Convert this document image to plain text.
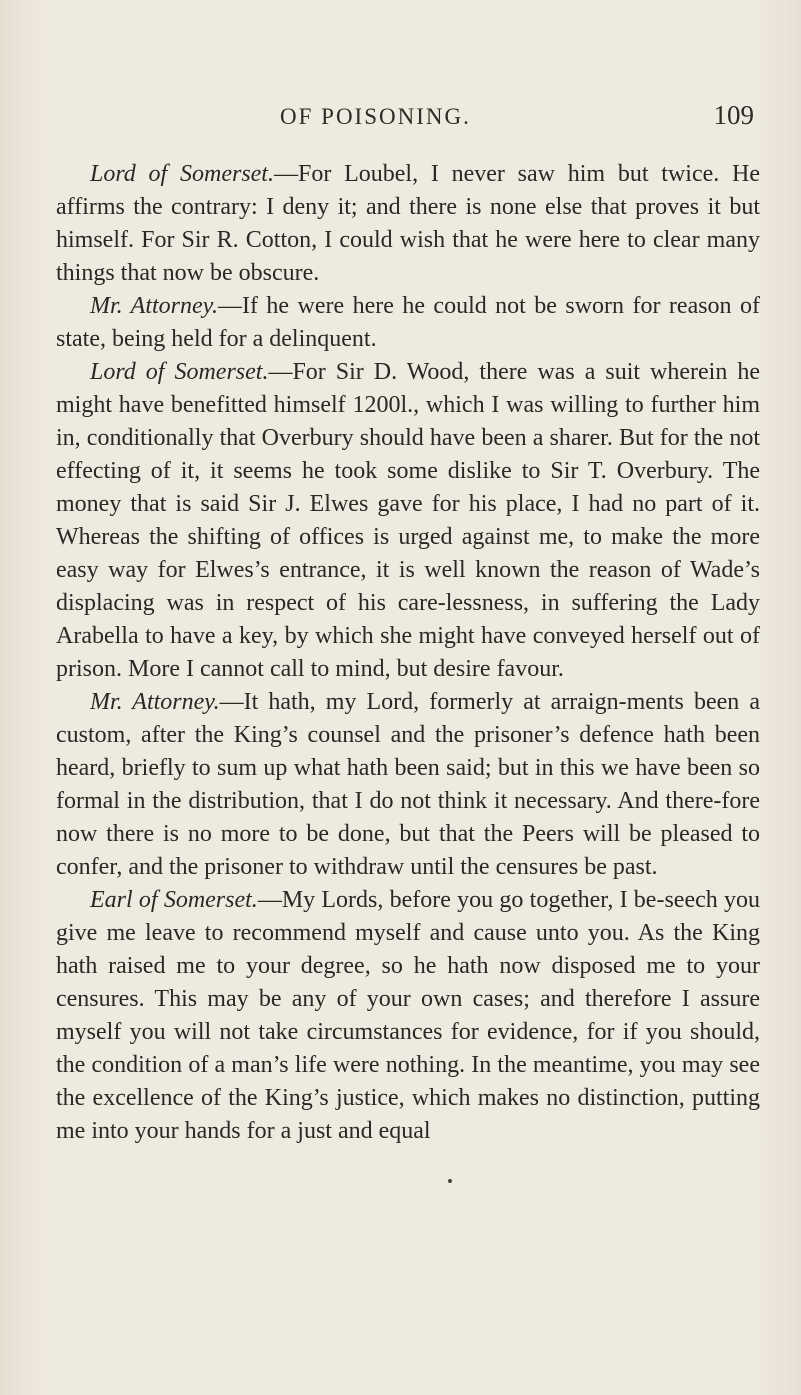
OF POISONING.	109

Lord of Somerset.—For Loubel, I never saw him but twice. He affirms the contrary: I deny it; and there is none else that proves it but himself. For Sir R. Cotton, I could wish that he were here to clear many things that now be obscure.

Mr. Attorney.—If he were here he could not be sworn for reason of state, being held for a delinquent.

Lord of Somerset.—For Sir D. Wood, there was a suit wherein he might have benefitted himself 1200l., which I was willing to further him in, conditionally that Overbury should have been a sharer. But for the not effecting of it, it seems he took some dislike to Sir T. Overbury. The money that is said Sir J. Elwes gave for his place, I had no part of it. Whereas the shifting of offices is urged against me, to make the more easy way for Elwes’s entrance, it is well known the reason of Wade’s displacing was in respect of his care-lessness, in suffering the Lady Arabella to have a key, by which she might have conveyed herself out of prison. More I cannot call to mind, but desire favour.

Mr. Attorney.—It hath, my Lord, formerly at arraign-ments been a custom, after the King’s counsel and the prisoner’s defence hath been heard, briefly to sum up what hath been said; but in this we have been so formal in the distribution, that I do not think it necessary. And there-fore now there is no more to be done, but that the Peers will be pleased to confer, and the prisoner to withdraw until the censures be past.

Earl of Somerset.—My Lords, before you go together, I be-seech you give me leave to recommend myself and cause unto you. As the King hath raised me to your degree, so he hath now disposed me to your censures. This may be any of your own cases; and therefore I assure myself you will not take circumstances for evidence, for if you should, the condition of a man’s life were nothing. In the meantime, you may see the excellence of the King’s justice, which makes no distinction, putting me into your hands for a just and equal
